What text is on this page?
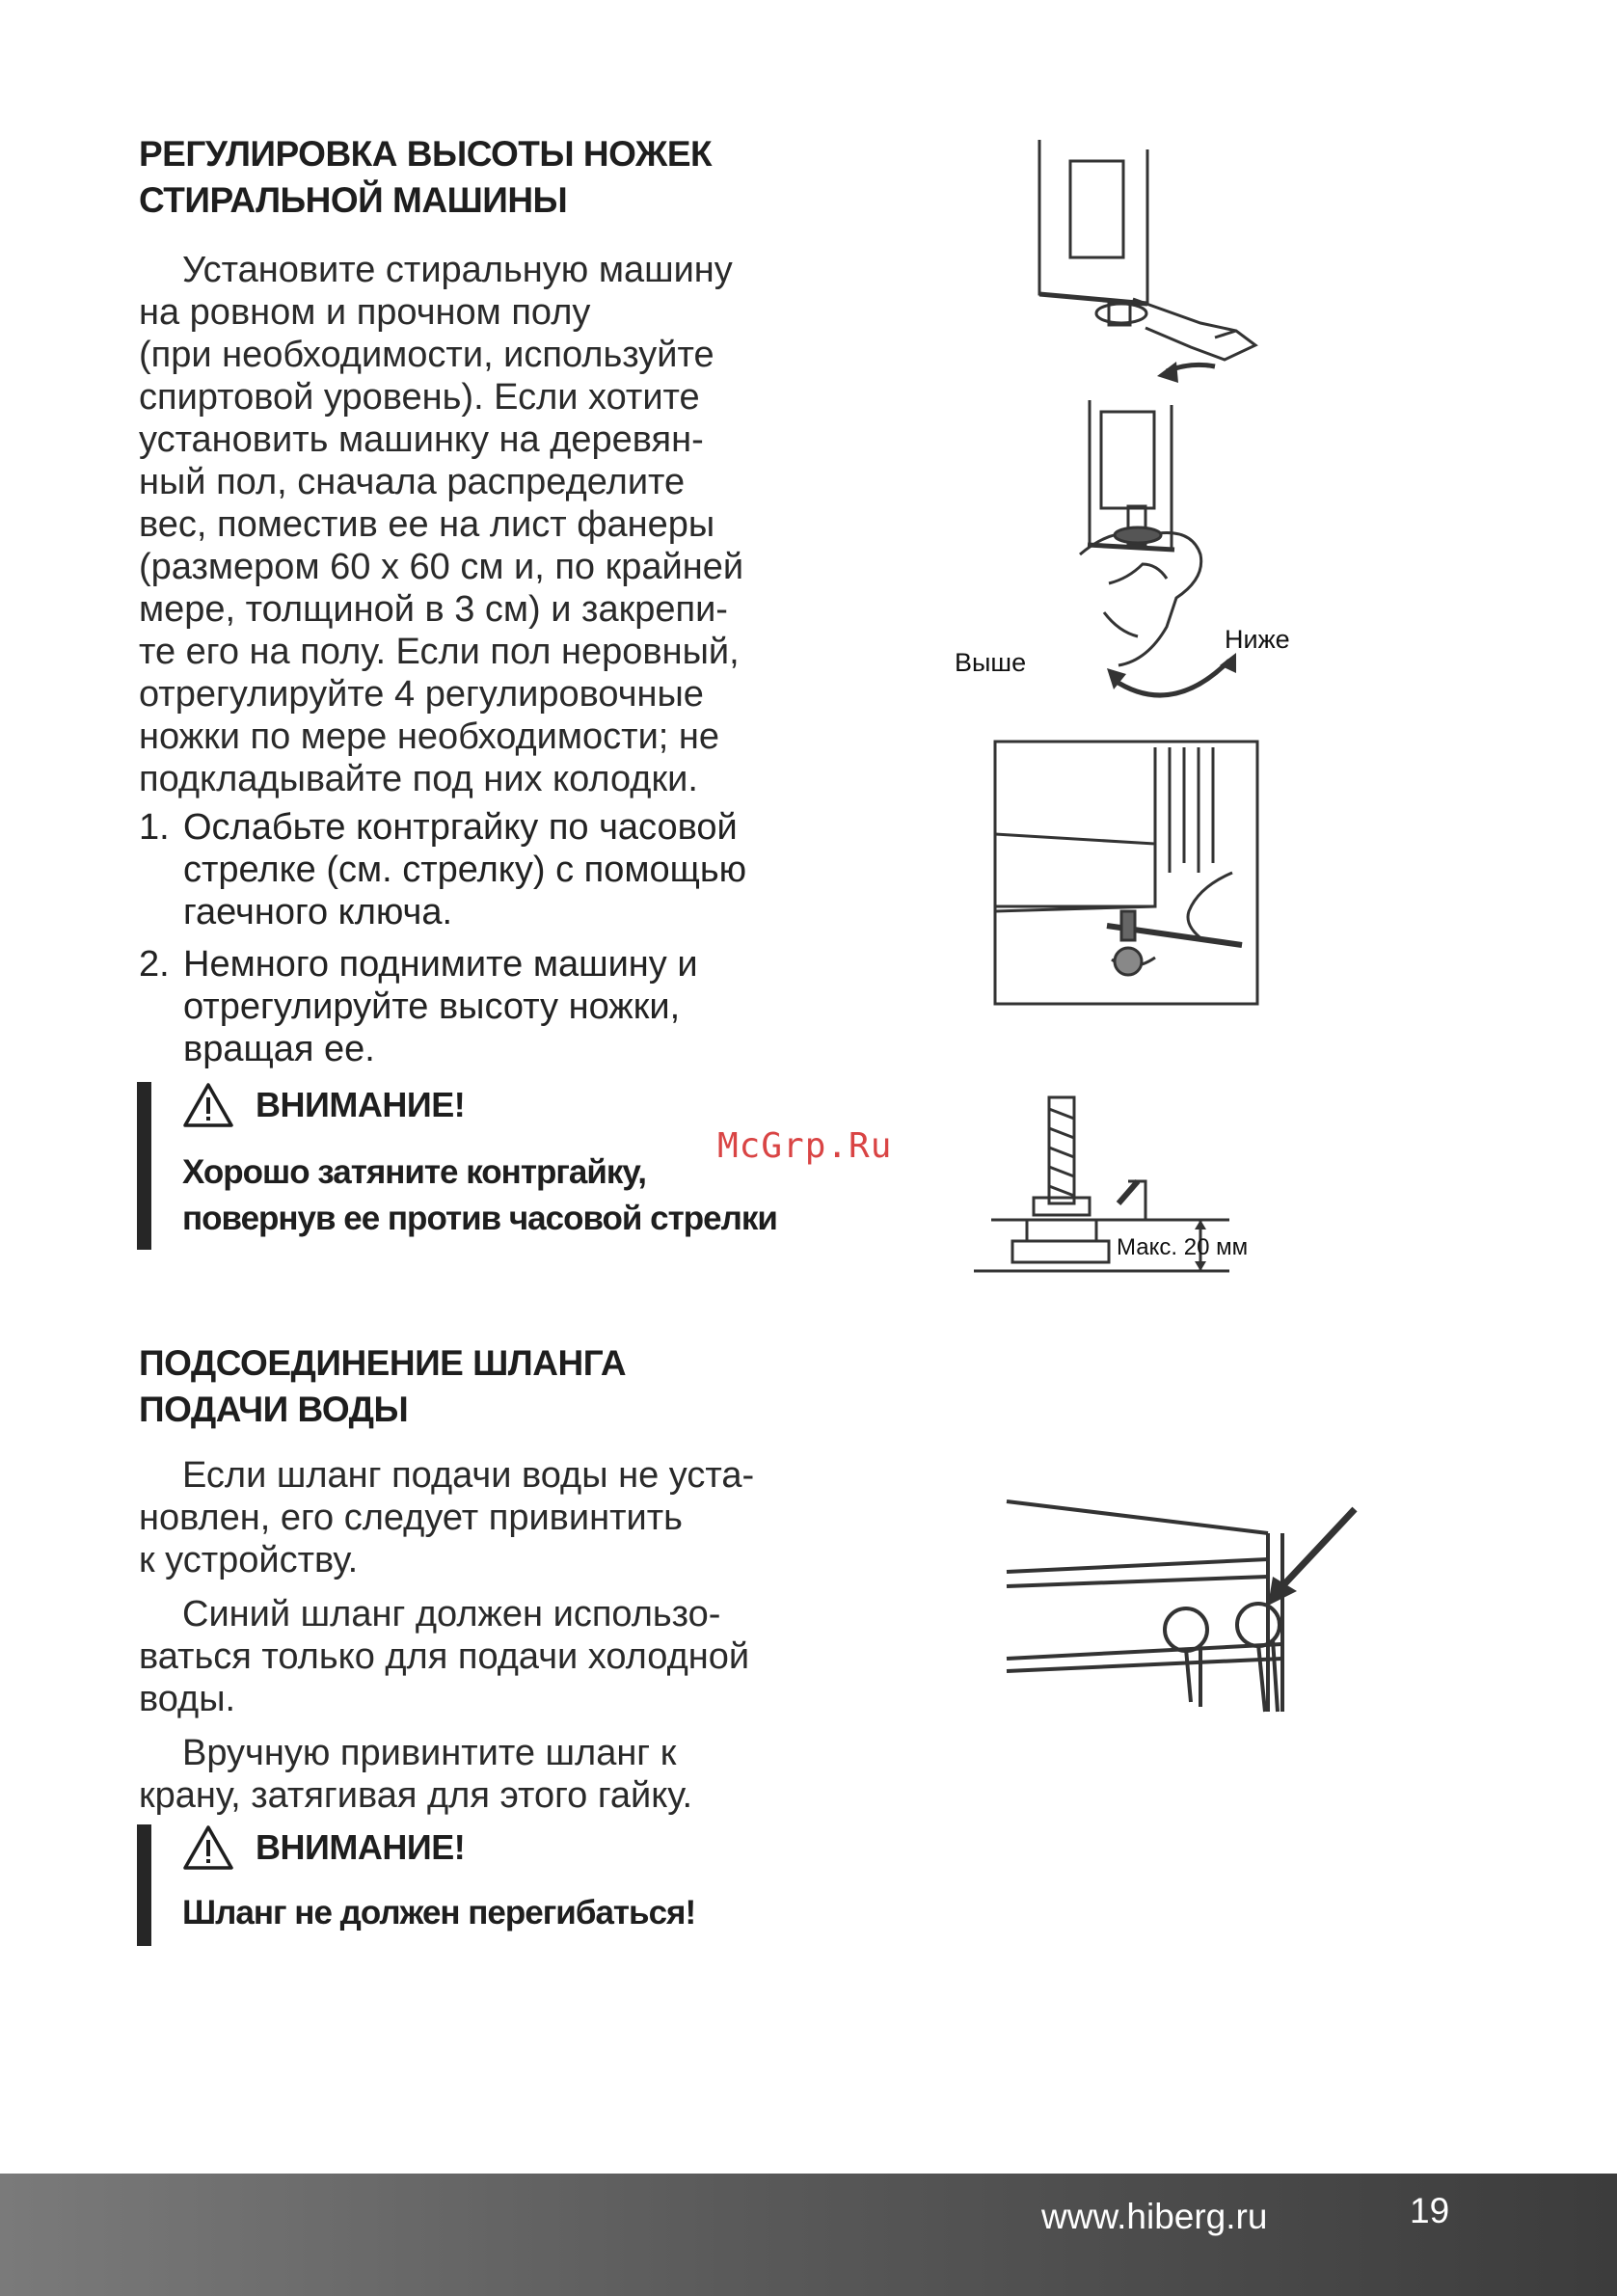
РЕГУЛИРОВКА ВЫСОТЫ НОЖЕК
СТИРАЛЬНОЙ МАШИНЫ

Установите стиральную машину
на ровном и прочном полу
(при необходимости, используйте
спиртовой уровень). Если хотите
установить машинку на деревян-
ный пол, сначала распределите
вес, поместив ее на лист фанеры
(размером 60 х 60 см и, по крайней
мере, толщиной в 3 см) и закрепи-
те его на полу. Если пол неровный,
отрегулируйте 4 регулировочные
ножки по мере необходимости; не
подкладывайте под них колодки.

1. Ослабьте контргайку по часовой
стрелке (см. стрелку) с помощью
гаечного ключа.
2. Немного поднимите машину и
отрегулируйте высоту ножки,
вращая ее.
ВНИМАНИЕ!
Хорошо затяните контргайку,
повернув ее против часовой стрелки
ПОДСОЕДИНЕНИЕ ШЛАНГА
ПОДАЧИ ВОДЫ

Если шланг подачи воды не уста-
новлен, его следует привинтить
к устройству.

Синий шланг должен использо-
ваться только для подачи холодной
воды.

Вручную привинтите шланг к
крану, затягивая для этого гайку.

ВНИМАНИЕ!
Шланг не должен перегибаться!
Выше
Ниже
Макс. 20 мм
McGrp.Ru
www.hiberg.ru	19
